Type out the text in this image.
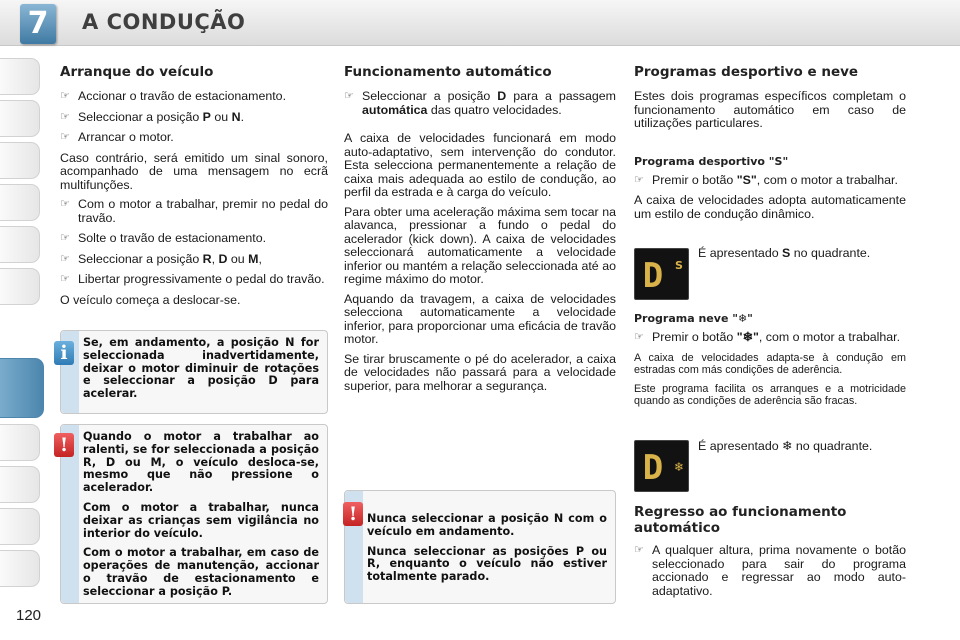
7	A CONDUÇÃO
Arranque do veículo
☞ Accionar o travão de estacionamento.
☞ Seleccionar a posição P ou N.
☞ Arrancar o motor.

Caso contrário, será emitido um sinal sonoro, acompanhado de uma mensagem no ecrã multifunções.

☞ Com o motor a trabalhar, premir no pedal do travão.
☞ Solte o travão de estacionamento.
☞ Seleccionar a posição R, D ou M,
☞ Libertar progressivamente o pedal do travão.

O veículo começa a deslocar-se.

Se, em andamento, a posição N for seleccionada inadvertidamente, deixar o motor diminuir de rotações e seleccionar a posição D para acelerar.

i

Quando o motor a trabalhar ao ralenti, se for seleccionada a posição R, D ou M, o veículo desloca-se, mesmo que não pressione o acelerador.

Com o motor a trabalhar, nunca deixar as crianças sem vigilância no interior do veículo.

Com o motor a trabalhar, em caso de operações de manutenção, accionar o travão de estacionamento e seleccionar a posição P.

!
Funcionamento automático
☞ Seleccionar a posição D para a passagem automática das quatro velocidades.

A caixa de velocidades funcionará em modo auto-adaptativo, sem intervenção do condutor. Esta selecciona permanentemente a relação de caixa mais adequada ao estilo de condução, ao perfil da estrada e à carga do veículo.

Para obter uma aceleração máxima sem tocar na alavanca, pressionar a fundo o pedal do acelerador (kick down). A caixa de velocidades seleccionará automaticamente a velocidade inferior ou mantém a relação seleccionada até ao regime máximo do motor.

Aquando da travagem, a caixa de velocidades selecciona automaticamente a velocidade inferior, para proporcionar uma eficácia de travão motor.

Se tirar bruscamente o pé do acelerador, a caixa de velocidades não passará para a velocidade superior, para melhorar a segurança.

Nunca seleccionar a posição N com o veículo em andamento.

Nunca seleccionar as posições P ou R, enquanto o veículo não estiver totalmente parado.

!
Programas desportivo e neve

Estes dois programas específicos completam o funcionamento automático em caso de utilizações particulares.

Programa desportivo "S"
☞ Premir o botão "S", com o motor a trabalhar.

A caixa de velocidades adopta automaticamente um estilo de condução dinâmico.

D S
É apresentado S no quadrante.
Programa neve "❄"
☞ Premir o botão "❄", com o motor a trabalhar.

A caixa de velocidades adapta-se à condução em estradas com más condições de aderência.

Este programa facilita os arranques e a motricidade quando as condições de aderência são fracas.

D ❄
É apresentado ❄ no quadrante.
Regresso ao funcionamento automático
☞ A qualquer altura, prima novamente o botão seleccionado para sair do programa accionado e regressar ao modo auto-adaptativo.
120
